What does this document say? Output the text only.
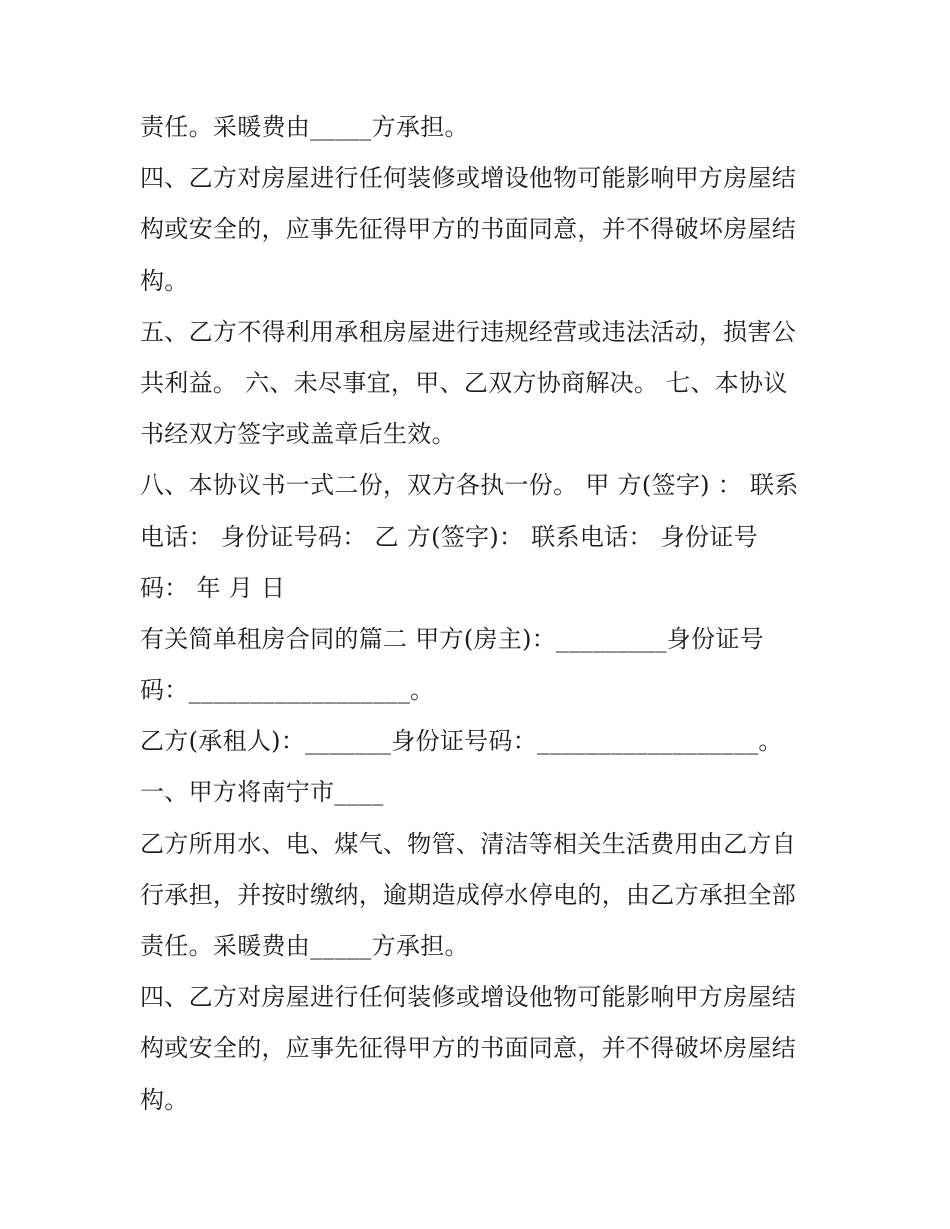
责任。采暖费由_____方承担。
四、乙方对房屋进行任何装修或增设他物可能影响甲方房屋结
构或安全的，应事先征得甲方的书面同意，并不得破坏房屋结
构。
五、乙方不得利用承租房屋进行违规经营或违法活动，损害公
共利益。 六、未尽事宜，甲、乙双方协商解决。 七、本协议
书经双方签字或盖章后生效。
八、本协议书一式二份，双方各执一份。 甲 方(签字) ： 联系
电话： 身份证号码： 乙 方(签字)： 联系电话： 身份证号
码： 年 月 日
有关简单租房合同的篇二 甲方(房主)：_________身份证号
码：__________________。
乙方(承租人)：_______身份证号码：__________________。
一、甲方将南宁市____
乙方所用水、电、煤气、物管、清洁等相关生活费用由乙方自
行承担，并按时缴纳，逾期造成停水停电的，由乙方承担全部
责任。采暖费由_____方承担。
四、乙方对房屋进行任何装修或增设他物可能影响甲方房屋结
构或安全的，应事先征得甲方的书面同意，并不得破坏房屋结
构。
